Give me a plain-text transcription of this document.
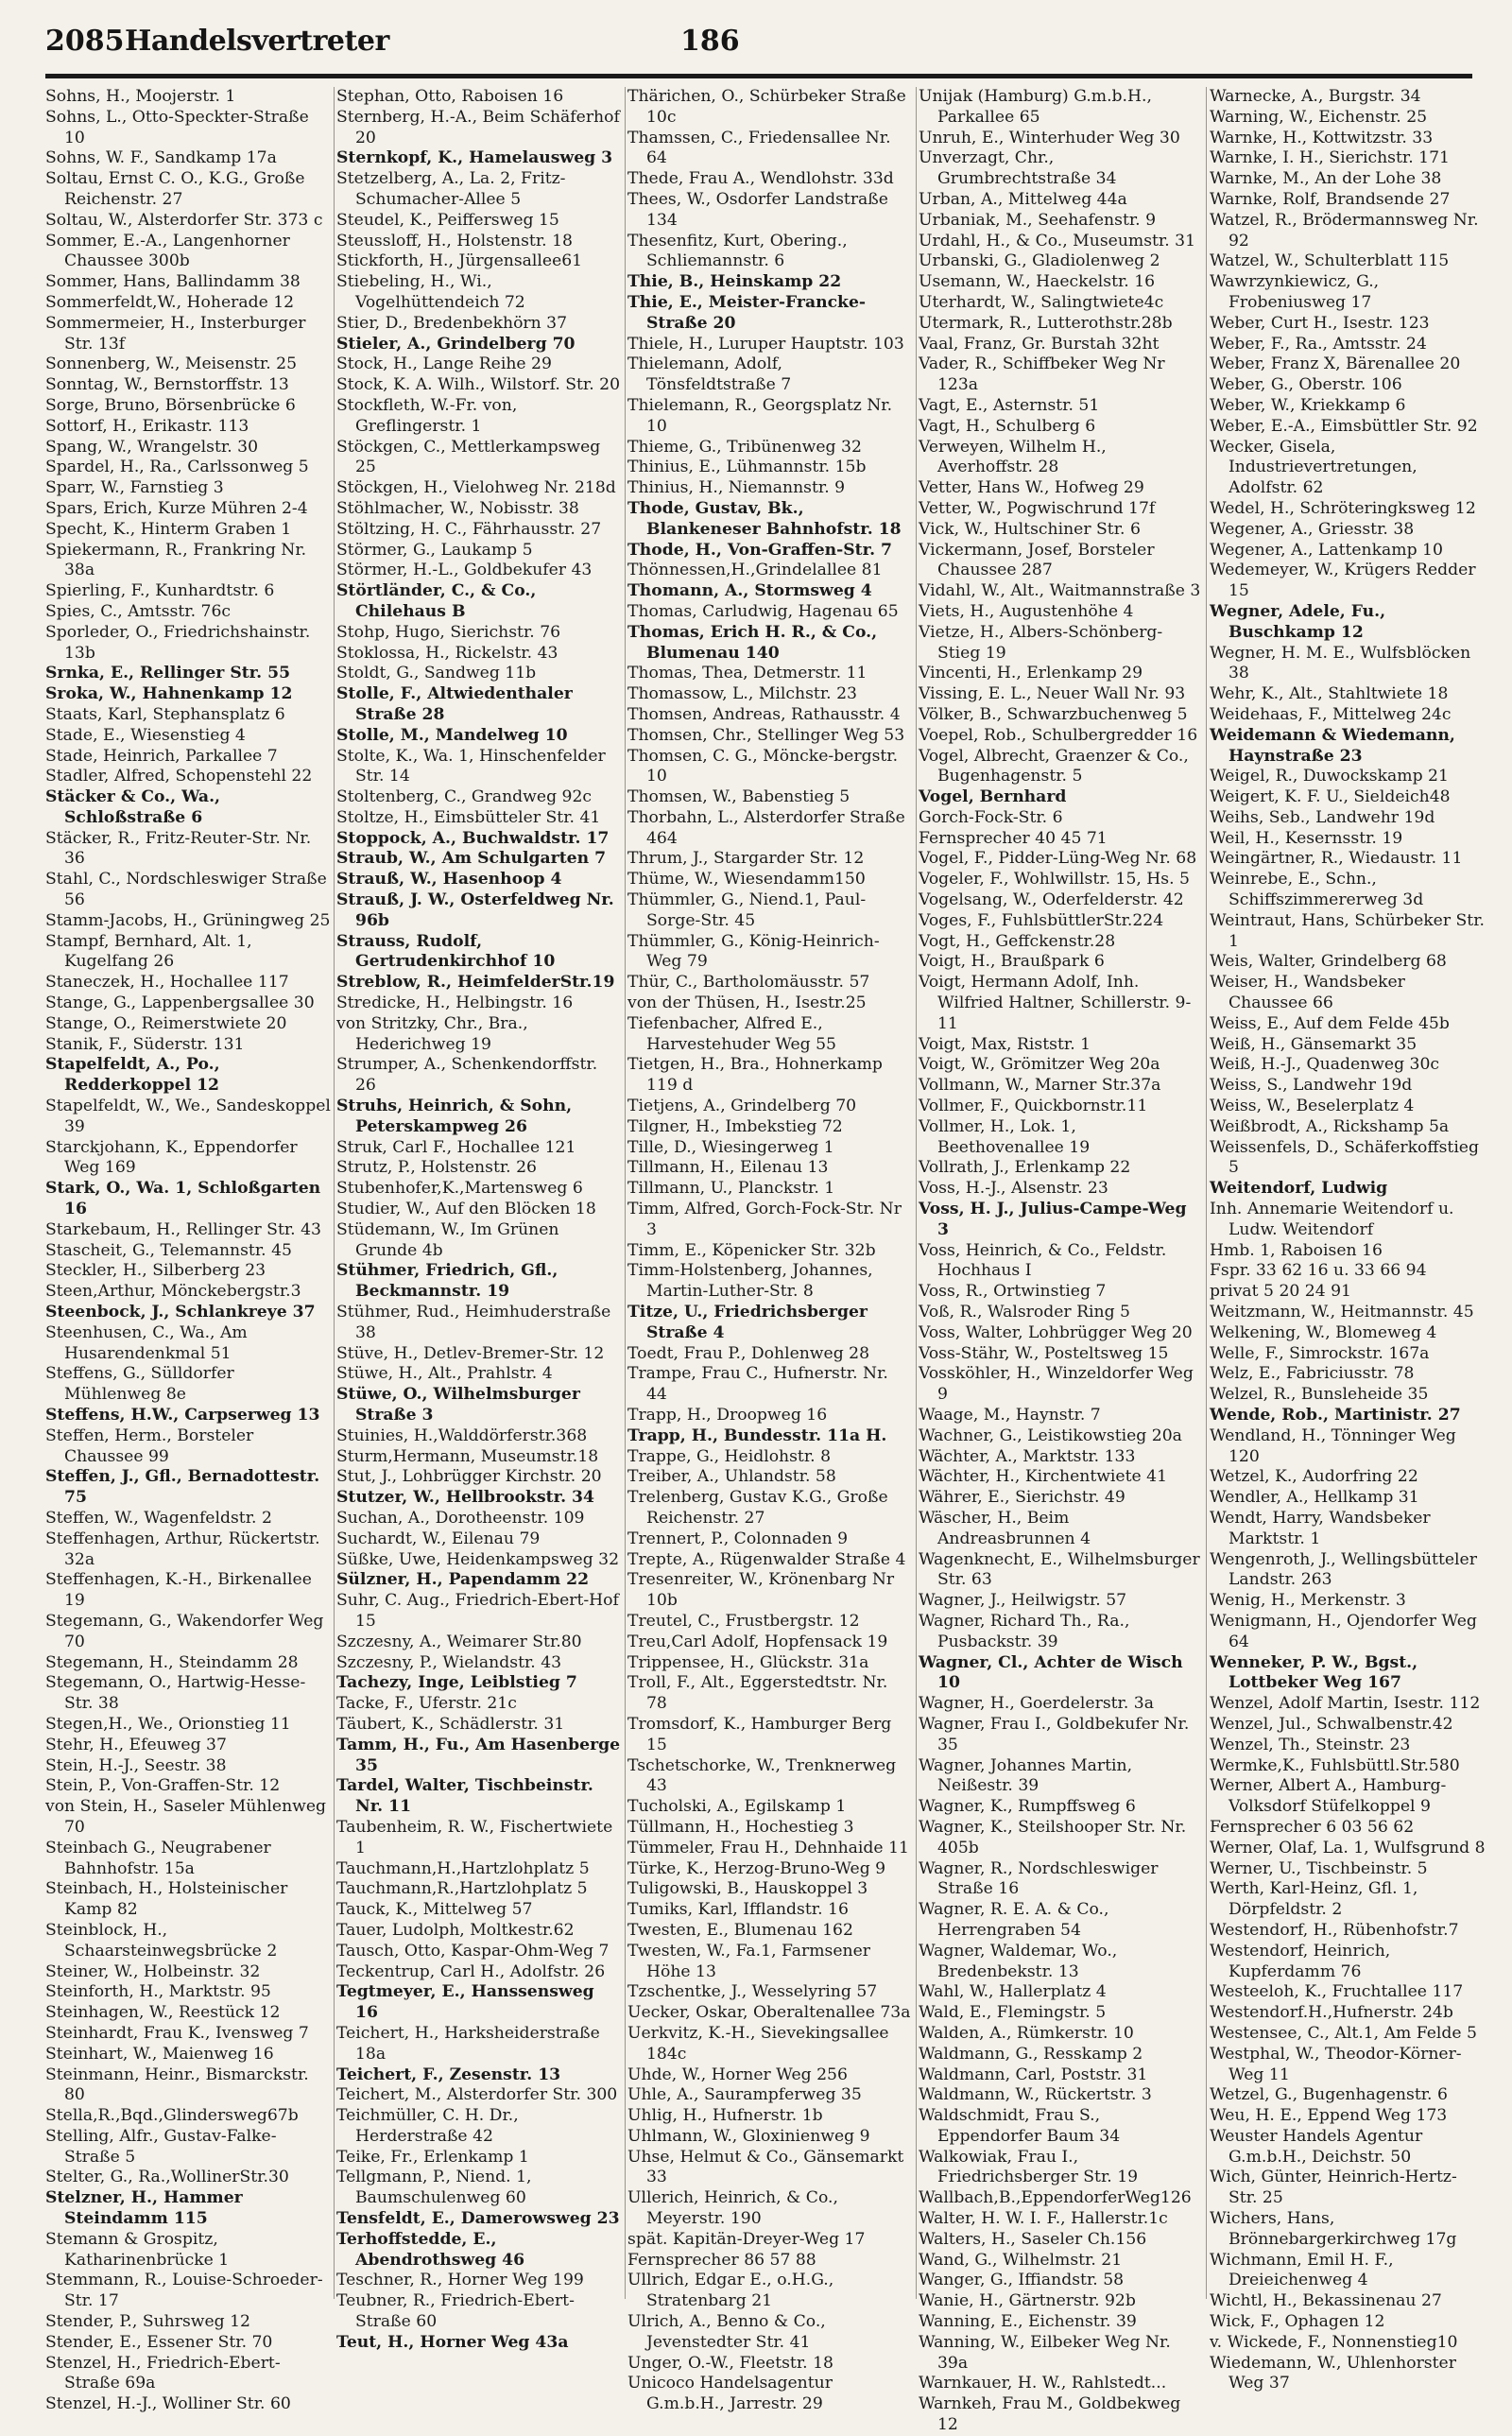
2085 Handelsvertreter	186

Sohns, H., Moojerstr. 1

Sohns, L., Otto-Speckter-Straße 10

Sohns, W. F., Sandkamp 17a

Soltau, Ernst C. O., K.G., Große Reichenstr. 27

Soltau, W., Alsterdorfer Str. 373 c

Sommer, E.-A., Langenhorner Chaussee 300b

Sommer, Hans, Ballindamm 38

Sommerfeldt,W., Hoherade 12

Sommermeier, H., Insterburger Str. 13f

Sonnenberg, W., Meisenstr. 25

Sonntag, W., Bernstorffstr. 13

Sorge, Bruno, Börsenbrücke 6

Sottorf, H., Erikastr. 113

Spang, W., Wrangelstr. 30

Spardel, H., Ra., Carlssonweg 5

Sparr, W., Farnstieg 3

Spars, Erich, Kurze Mühren 2-4

Specht, K., Hinterm Graben 1

Spiekermann, R., Frankring Nr. 38a

Spierling, F., Kunhardtstr. 6

Spies, C., Amtsstr. 76c

Sporleder, O., Friedrichshainstr. 13b

Srnka, E., Rellinger Str. 55

Sroka, W., Hahnenkamp 12

Staats, Karl, Stephansplatz 6

Stade, E., Wiesenstieg 4

Stade, Heinrich, Parkallee 7

Stadler, Alfred, Schopenstehl 22

Stäcker & Co., Wa., Schloßstraße 6

Stäcker, R., Fritz-Reuter-Str. Nr. 36

Stahl, C., Nordschleswiger Straße 56

Stamm-Jacobs, H., Grüningweg 25

Stampf, Bernhard, Alt. 1, Kugelfang 26

Staneczek, H., Hochallee 117

Stange, G., Lappenbergsallee 30

Stange, O., Reimerstwiete 20

Stanik, F., Süderstr. 131

Stapelfeldt, A., Po., Redderkoppel 12

Stapelfeldt, W., We., Sandeskoppel 39

Starckjohann, K., Eppendorfer Weg 169

Stark, O., Wa. 1, Schloßgarten 16

Starkebaum, H., Rellinger Str. 43

Stascheit, G., Telemannstr. 45

Steckler, H., Silberberg 23

Steen,Arthur, Mönckebergstr.3

Steenbock, J., Schlankreye 37

Steenhusen, C., Wa., Am Husarendenkmal 51

Steffens, G., Sülldorfer Mühlenweg 8e

Steffens, H.W., Carpserweg 13

Steffen, Herm., Borsteler Chaussee 99

Steffen, J., Gfl., Bernadottestr. 75

Steffen, W., Wagenfeldstr. 2

Steffenhagen, Arthur, Rückertstr. 32a

Steffenhagen, K.-H., Birkenallee 19

Stegemann, G., Wakendorfer Weg 70

Stegemann, H., Steindamm 28

Stegemann, O., Hartwig-Hesse-Str. 38

Stegen,H., We., Orionstieg 11

Stehr, H., Efeuweg 37

Stein, H.-J., Seestr. 38

Stein, P., Von-Graffen-Str. 12

von Stein, H., Saseler Mühlenweg 70

Steinbach G., Neugrabener Bahnhofstr. 15a

Steinbach, H., Holsteinischer Kamp 82

Steinblock, H., Schaarsteinwegsbrücke 2

Steiner, W., Holbeinstr. 32

Steinforth, H., Marktstr. 95

Steinhagen, W., Reestück 12

Steinhardt, Frau K., Ivensweg 7

Steinhart, W., Maienweg 16

Steinmann, Heinr., Bismarckstr. 80

Stella,R.,Bqd.,Glindersweg67b

Stelling, Alfr., Gustav-Falke-Straße 5

Stelter, G., Ra.,WollinerStr.30

Stelzner, H., Hammer Steindamm 115

Stemann & Grospitz, Katharinenbrücke 1

Stemmann, R., Louise-Schroeder-Str. 17

Stender, P., Suhrsweg 12

Stender, E., Essener Str. 70

Stenzel, H., Friedrich-Ebert-Straße 69a

Stenzel, H.-J., Wolliner Str. 60

Stephan, Otto, Raboisen 16

Sternberg, H.-A., Beim Schäferhof 20

Sternkopf, K., Hamelausweg 3

Stetzelberg, A., La. 2, Fritz-Schumacher-Allee 5

Steudel, K., Peiffersweg 15

Steussloff, H., Holstenstr. 18

Stickforth, H., Jürgensallee61

Stiebeling, H., Wi., Vogelhüttendeich 72

Stier, D., Bredenbekhörn 37

Stieler, A., Grindelberg 70

Stock, H., Lange Reihe 29

Stock, K. A. Wilh., Wilstorf. Str. 20

Stockfleth, W.-Fr. von, Greflingerstr. 1

Stöckgen, C., Mettlerkampsweg 25

Stöckgen, H., Vielohweg Nr. 218d

Stöhlmacher, W., Nobisstr. 38

Stöltzing, H. C., Fährhausstr. 27

Störmer, G., Laukamp 5

Störmer, H.-L., Goldbekufer 43

Störtländer, C., & Co., Chilehaus B

Stohp, Hugo, Sierichstr. 76

Stoklossa, H., Rickelstr. 43

Stoldt, G., Sandweg 11b

Stolle, F., Altwiedenthaler Straße 28

Stolle, M., Mandelweg 10

Stolte, K., Wa. 1, Hinschenfelder Str. 14

Stoltenberg, C., Grandweg 92c

Stoltze, H., Eimsbütteler Str. 41

Stoppock, A., Buchwaldstr. 17

Straub, W., Am Schulgarten 7

Strauß, W., Hasenhoop 4

Strauß, J. W., Osterfeldweg Nr. 96b

Strauss, Rudolf, Gertrudenkirchhof 10

Streblow, R., HeimfelderStr.19

Stredicke, H., Helbingstr. 16

von Stritzky, Chr., Bra., Hederichweg 19

Strumper, A., Schenkendorffstr. 26

Struhs, Heinrich, & Sohn, Peterskampweg 26

Struk, Carl F., Hochallee 121

Strutz, P., Holstenstr. 26

Stubenhofer,K.,Martensweg 6

Studier, W., Auf den Blöcken 18

Stüdemann, W., Im Grünen Grunde 4b

Stühmer, Friedrich, Gfl., Beckmannstr. 19

Stühmer, Rud., Heimhuderstraße 38

Stüve, H., Detlev-Bremer-Str. 12

Stüwe, H., Alt., Prahlstr. 4

Stüwe, O., Wilhelmsburger Straße 3

Stuinies, H.,Walddörferstr.368

Sturm,Hermann, Museumstr.18

Stut, J., Lohbrügger Kirchstr. 20

Stutzer, W., Hellbrookstr. 34

Suchan, A., Dorotheenstr. 109

Suchardt, W., Eilenau 79

Süßke, Uwe, Heidenkampsweg 32

Sülzner, H., Papendamm 22

Suhr, C. Aug., Friedrich-Ebert-Hof 15

Szczesny, A., Weimarer Str.80

Szczesny, P., Wielandstr. 43

Tachezy, Inge, Leiblstieg 7

Tacke, F., Uferstr. 21c

Täubert, K., Schädlerstr. 31

Tamm, H., Fu., Am Hasenberge 35

Tardel, Walter, Tischbeinstr. Nr. 11

Taubenheim, R. W., Fischertwiete 1

Tauchmann,H.,Hartzlohplatz 5

Tauchmann,R.,Hartzlohplatz 5

Tauck, K., Mittelweg 57

Tauer, Ludolph, Moltkestr.62

Tausch, Otto, Kaspar-Ohm-Weg 7

Teckentrup, Carl H., Adolfstr. 26

Tegtmeyer, E., Hanssensweg 16

Teichert, H., Harksheiderstraße 18a

Teichert, F., Zesenstr. 13

Teichert, M., Alsterdorfer Str. 300

Teichmüller, C. H. Dr., Herderstraße 42

Teike, Fr., Erlenkamp 1

Tellgmann, P., Niend. 1, Baumschulenweg 60

Tensfeldt, E., Damerowsweg 23

Terhoffstedde, E., Abendrothsweg 46

Teschner, R., Horner Weg 199

Teubner, R., Friedrich-Ebert-Straße 60

Teut, H., Horner Weg 43a

Thärichen, O., Schürbeker Straße 10c

Thamssen, C., Friedensallee Nr. 64

Thede, Frau A., Wendlohstr. 33d

Thees, W., Osdorfer Landstraße 134

Thesenfitz, Kurt, Obering., Schliemannstr. 6

Thie, B., Heinskamp 22

Thie, E., Meister-Francke-Straße 20

Thiele, H., Luruper Hauptstr. 103

Thielemann, Adolf, Tönsfeldtstraße 7

Thielemann, R., Georgsplatz Nr. 10

Thieme, G., Tribünenweg 32

Thinius, E., Lühmannstr. 15b

Thinius, H., Niemannstr. 9

Thode, Gustav, Bk., Blankeneser Bahnhofstr. 18

Thode, H., Von-Graffen-Str. 7

Thönnessen,H.,Grindelallee 81

Thomann, A., Stormsweg 4

Thomas, Carludwig, Hagenau 65

Thomas, Erich H. R., & Co., Blumenau 140

Thomas, Thea, Detmerstr. 11

Thomassow, L., Milchstr. 23

Thomsen, Andreas, Rathausstr. 4

Thomsen, Chr., Stellinger Weg 53

Thomsen, C. G., Möncke-bergstr. 10

Thomsen, W., Babenstieg 5

Thorbahn, L., Alsterdorfer Straße 464

Thrum, J., Stargarder Str. 12

Thüme, W., Wiesendamm150

Thümmler, G., Niend.1, Paul-Sorge-Str. 45

Thümmler, G., König-Heinrich-Weg 79

Thür, C., Bartholomäusstr. 57

von der Thüsen, H., Isestr.25

Tiefenbacher, Alfred E., Harvestehuder Weg 55

Tietgen, H., Bra., Hohnerkamp 119 d

Tietjens, A., Grindelberg 70

Tilgner, H., Imbekstieg 72

Tille, D., Wiesingerweg 1

Tillmann, H., Eilenau 13

Tillmann, U., Planckstr. 1

Timm, Alfred, Gorch-Fock-Str. Nr 3

Timm, E., Köpenicker Str. 32b

Timm-Holstenberg, Johannes, Martin-Luther-Str. 8

Titze, U., Friedrichsberger Straße 4

Toedt, Frau P., Dohlenweg 28

Trampe, Frau C., Hufnerstr. Nr. 44

Trapp, H., Droopweg 16

Trapp, H., Bundesstr. 11a H.

Trappe, G., Heidlohstr. 8

Treiber, A., Uhlandstr. 58

Trelenberg, Gustav K.G., Große Reichenstr. 27

Trennert, P., Colonnaden 9

Trepte, A., Rügenwalder Straße 4

Tresenreiter, W., Krönenbarg Nr 10b

Treutel, C., Frustbergstr. 12

Treu,Carl Adolf, Hopfensack 19

Trippensee, H., Glückstr. 31a

Troll, F., Alt., Eggerstedtstr. Nr. 78

Tromsdorf, K., Hamburger Berg 15

Tschetschorke, W., Trenknerweg 43

Tucholski, A., Egilskamp 1

Tüllmann, H., Hochestieg 3

Tümmeler, Frau H., Dehnhaide 11

Türke, K., Herzog-Bruno-Weg 9

Tuligowski, B., Hauskoppel 3

Tumiks, Karl, Ifflandstr. 16

Twesten, E., Blumenau 162

Twesten, W., Fa.1, Farmsener Höhe 13

Tzschentke, J., Wesselyring 57

Uecker, Oskar, Oberaltenallee 73a

Uerkvitz, K.-H., Sievekingsallee 184c

Uhde, W., Horner Weg 256

Uhle, A., Saurampferweg 35

Uhlig, H., Hufnerstr. 1b

Uhlmann, W., Gloxinienweg 9

Uhse, Helmut & Co., Gänsemarkt 33

Ullerich, Heinrich, & Co., Meyerstr. 190

spät. Kapitän-Dreyer-Weg 17

Fernsprecher 86 57 88

Ullrich, Edgar E., o.H.G., Stratenbarg 21

Ulrich, A., Benno & Co., Jevenstedter Str. 41

Unger, O.-W., Fleetstr. 18

Unicoco Handelsagentur G.m.b.H., Jarrestr. 29

Unijak (Hamburg) G.m.b.H., Parkallee 65

Unruh, E., Winterhuder Weg 30

Unverzagt, Chr., Grumbrechtstraße 34

Urban, A., Mittelweg 44a

Urbaniak, M., Seehafenstr. 9

Urdahl, H., & Co., Museumstr. 31

Urbanski, G., Gladiolenweg 2

Usemann, W., Haeckelstr. 16

Uterhardt, W., Salingtwiete4c

Utermark, R., Lutterothstr.28b

Vaal, Franz, Gr. Burstah 32ht

Vader, R., Schiffbeker Weg Nr 123a

Vagt, E., Asternstr. 51

Vagt, H., Schulberg 6

Verweyen, Wilhelm H., Averhoffstr. 28

Vetter, Hans W., Hofweg 29

Vetter, W., Pogwischrund 17f

Vick, W., Hultschiner Str. 6

Vickermann, Josef, Borsteler Chaussee 287

Vidahl, W., Alt., Waitmannstraße 3

Viets, H., Augustenhöhe 4

Vietze, H., Albers-Schönberg-Stieg 19

Vincenti, H., Erlenkamp 29

Vissing, E. L., Neuer Wall Nr. 93

Völker, B., Schwarzbuchenweg 5

Voepel, Rob., Schulbergredder 16

Vogel, Albrecht, Graenzer & Co., Bugenhagenstr. 5

Vogel, Bernhard

Gorch-Fock-Str. 6

Fernsprecher 40 45 71

Vogel, F., Pidder-Lüng-Weg Nr. 68

Vogeler, F., Wohlwillstr. 15, Hs. 5

Vogelsang, W., Oderfelderstr. 42

Voges, F., FuhlsbüttlerStr.224

Vogt, H., Geffckenstr.28

Voigt, H., Braußpark 6

Voigt, Hermann Adolf, Inh. Wilfried Haltner, Schillerstr. 9-11

Voigt, Max, Riststr. 1

Voigt, W., Grömitzer Weg 20a

Vollmann, W., Marner Str.37a

Vollmer, F., Quickbornstr.11

Vollmer, H., Lok. 1, Beethovenallee 19

Vollrath, J., Erlenkamp 22

Voss, H.-J., Alsenstr. 23

Voss, H. J., Julius-Campe-Weg 3

Voss, Heinrich, & Co., Feldstr. Hochhaus I

Voss, R., Ortwinstieg 7

Voß, R., Walsroder Ring 5

Voss, Walter, Lohbrügger Weg 20

Voss-Stähr, W., Posteltsweg 15

Vossköhler, H., Winzeldorfer Weg 9

Waage, M., Haynstr. 7

Wachner, G., Leistikowstieg 20a

Wächter, A., Marktstr. 133

Wächter, H., Kirchentwiete 41

Währer, E., Sierichstr. 49

Wäscher, H., Beim Andreasbrunnen 4

Wagenknecht, E., Wilhelmsburger Str. 63

Wagner, J., Heilwigstr. 57

Wagner, Richard Th., Ra., Pusbackstr. 39

Wagner, Cl., Achter de Wisch 10

Wagner, H., Goerdelerstr. 3a

Wagner, Frau I., Goldbekufer Nr. 35

Wagner, Johannes Martin, Neißestr. 39

Wagner, K., Rumpffsweg 6

Wagner, K., Steilshooper Str. Nr. 405b

Wagner, R., Nordschleswiger Straße 16

Wagner, R. E. A. & Co., Herrengraben 54

Wagner, Waldemar, Wo., Bredenbekstr. 13

Wahl, W., Hallerplatz 4

Wald, E., Flemingstr. 5

Walden, A., Rümkerstr. 10

Waldmann, G., Resskamp 2

Waldmann, Carl, Poststr. 31

Waldmann, W., Rückertstr. 3

Waldschmidt, Frau S., Eppendorfer Baum 34

Walkowiak, Frau I., Friedrichsberger Str. 19

Wallbach,B.,EppendorferWeg126

Walter, H. W. I. F., Hallerstr.1c

Walters, H., Saseler Ch.156

Wand, G., Wilhelmstr. 21

Wanger, G., Iffiandstr. 58

Wanie, H., Gärtnerstr. 92b

Wanning, E., Eichenstr. 39

Wanning, W., Eilbeker Weg Nr. 39a

Warnkauer, H. W., Rahlstedt...

Warnkeh, Frau M., Goldbekweg 12

Warnecke, A., Burgstr. 34

Warning, W., Eichenstr. 25

Warnke, H., Kottwitzstr. 33

Warnke, I. H., Sierichstr. 171

Warnke, M., An der Lohe 38

Warnke, Rolf, Brandsende 27

Watzel, R., Brödermannsweg Nr. 92

Watzel, W., Schulterblatt 115

Wawrzynkiewicz, G., Frobeniusweg 17

Weber, Curt H., Isestr. 123

Weber, F., Ra., Amtsstr. 24

Weber, Franz X, Bärenallee 20

Weber, G., Oberstr. 106

Weber, W., Kriekkamp 6

Weber, E.-A., Eimsbüttler Str. 92

Wecker, Gisela, Industrievertretungen, Adolfstr. 62

Wedel, H., Schröteringksweg 12

Wegener, A., Griesstr. 38

Wegener, A., Lattenkamp 10

Wedemeyer, W., Krügers Redder 15

Wegner, Adele, Fu., Buschkamp 12

Wegner, H. M. E., Wulfsblöcken 38

Wehr, K., Alt., Stahltwiete 18

Weidehaas, F., Mittelweg 24c

Weidemann & Wiedemann, Haynstraße 23

Weigel, R., Duwockskamp 21

Weigert, K. F. U., Sieldeich48

Weihs, Seb., Landwehr 19d

Weil, H., Kesernsstr. 19

Weingärtner, R., Wiedaustr. 11

Weinrebe, E., Schn., Schiffszimmererweg 3d

Weintraut, Hans, Schürbeker Str. 1

Weis, Walter, Grindelberg 68

Weiser, H., Wandsbeker Chaussee 66

Weiss, E., Auf dem Felde 45b

Weiß, H., Gänsemarkt 35

Weiß, H.-J., Quadenweg 30c

Weiss, S., Landwehr 19d

Weiss, W., Beselerplatz 4

Weißbrodt, A., Rickshamp 5a

Weissenfels, D., Schäferkoffstieg 5

Weitendorf, Ludwig

Inh. Annemarie Weitendorf u. Ludw. Weitendorf

Hmb. 1, Raboisen 16

Fspr. 33 62 16 u. 33 66 94

privat 5 20 24 91

Weitzmann, W., Heitmannstr. 45

Welkening, W., Blomeweg 4

Welle, F., Simrockstr. 167a

Welz, E., Fabriciusstr. 78

Welzel, R., Bunsleheide 35

Wende, Rob., Martinistr. 27

Wendland, H., Tönninger Weg 120

Wetzel, K., Audorfring 22

Wendler, A., Hellkamp 31

Wendt, Harry, Wandsbeker Marktstr. 1

Wengenroth, J., Wellingsbütteler Landstr. 263

Wenig, H., Merkenstr. 3

Wenigmann, H., Ojendorfer Weg 64

Wenneker, P. W., Bgst., Lottbeker Weg 167

Wenzel, Adolf Martin, Isestr. 112

Wenzel, Jul., Schwalbenstr.42

Wenzel, Th., Steinstr. 23

Wermke,K., Fuhlsbüttl.Str.580

Werner, Albert A., Hamburg-Volksdorf Stüfelkoppel 9

Fernsprecher 6 03 56 62

Werner, Olaf, La. 1, Wulfsgrund 8

Werner, U., Tischbeinstr. 5

Werth, Karl-Heinz, Gfl. 1, Dörpfeldstr. 2

Westendorf, H., Rübenhofstr.7

Westendorf, Heinrich, Kupferdamm 76

Westeeloh, K., Fruchtallee 117

Westendorf.H.,Hufnerstr. 24b

Westensee, C., Alt.1, Am Felde 5

Westphal, W., Theodor-Körner-Weg 11

Wetzel, G., Bugenhagenstr. 6

Weu, H. E., Eppend Weg 173

Weuster Handels Agentur G.m.b.H., Deichstr. 50

Wich, Günter, Heinrich-Hertz-Str. 25

Wichers, Hans, Brönnebargerkirchweg 17g

Wichmann, Emil H. F., Dreieichenweg 4

Wichtl, H., Bekassinenau 27

Wick, F., Ophagen 12

v. Wickede, F., Nonnenstieg10

Wiedemann, W., Uhlenhorster Weg 37
